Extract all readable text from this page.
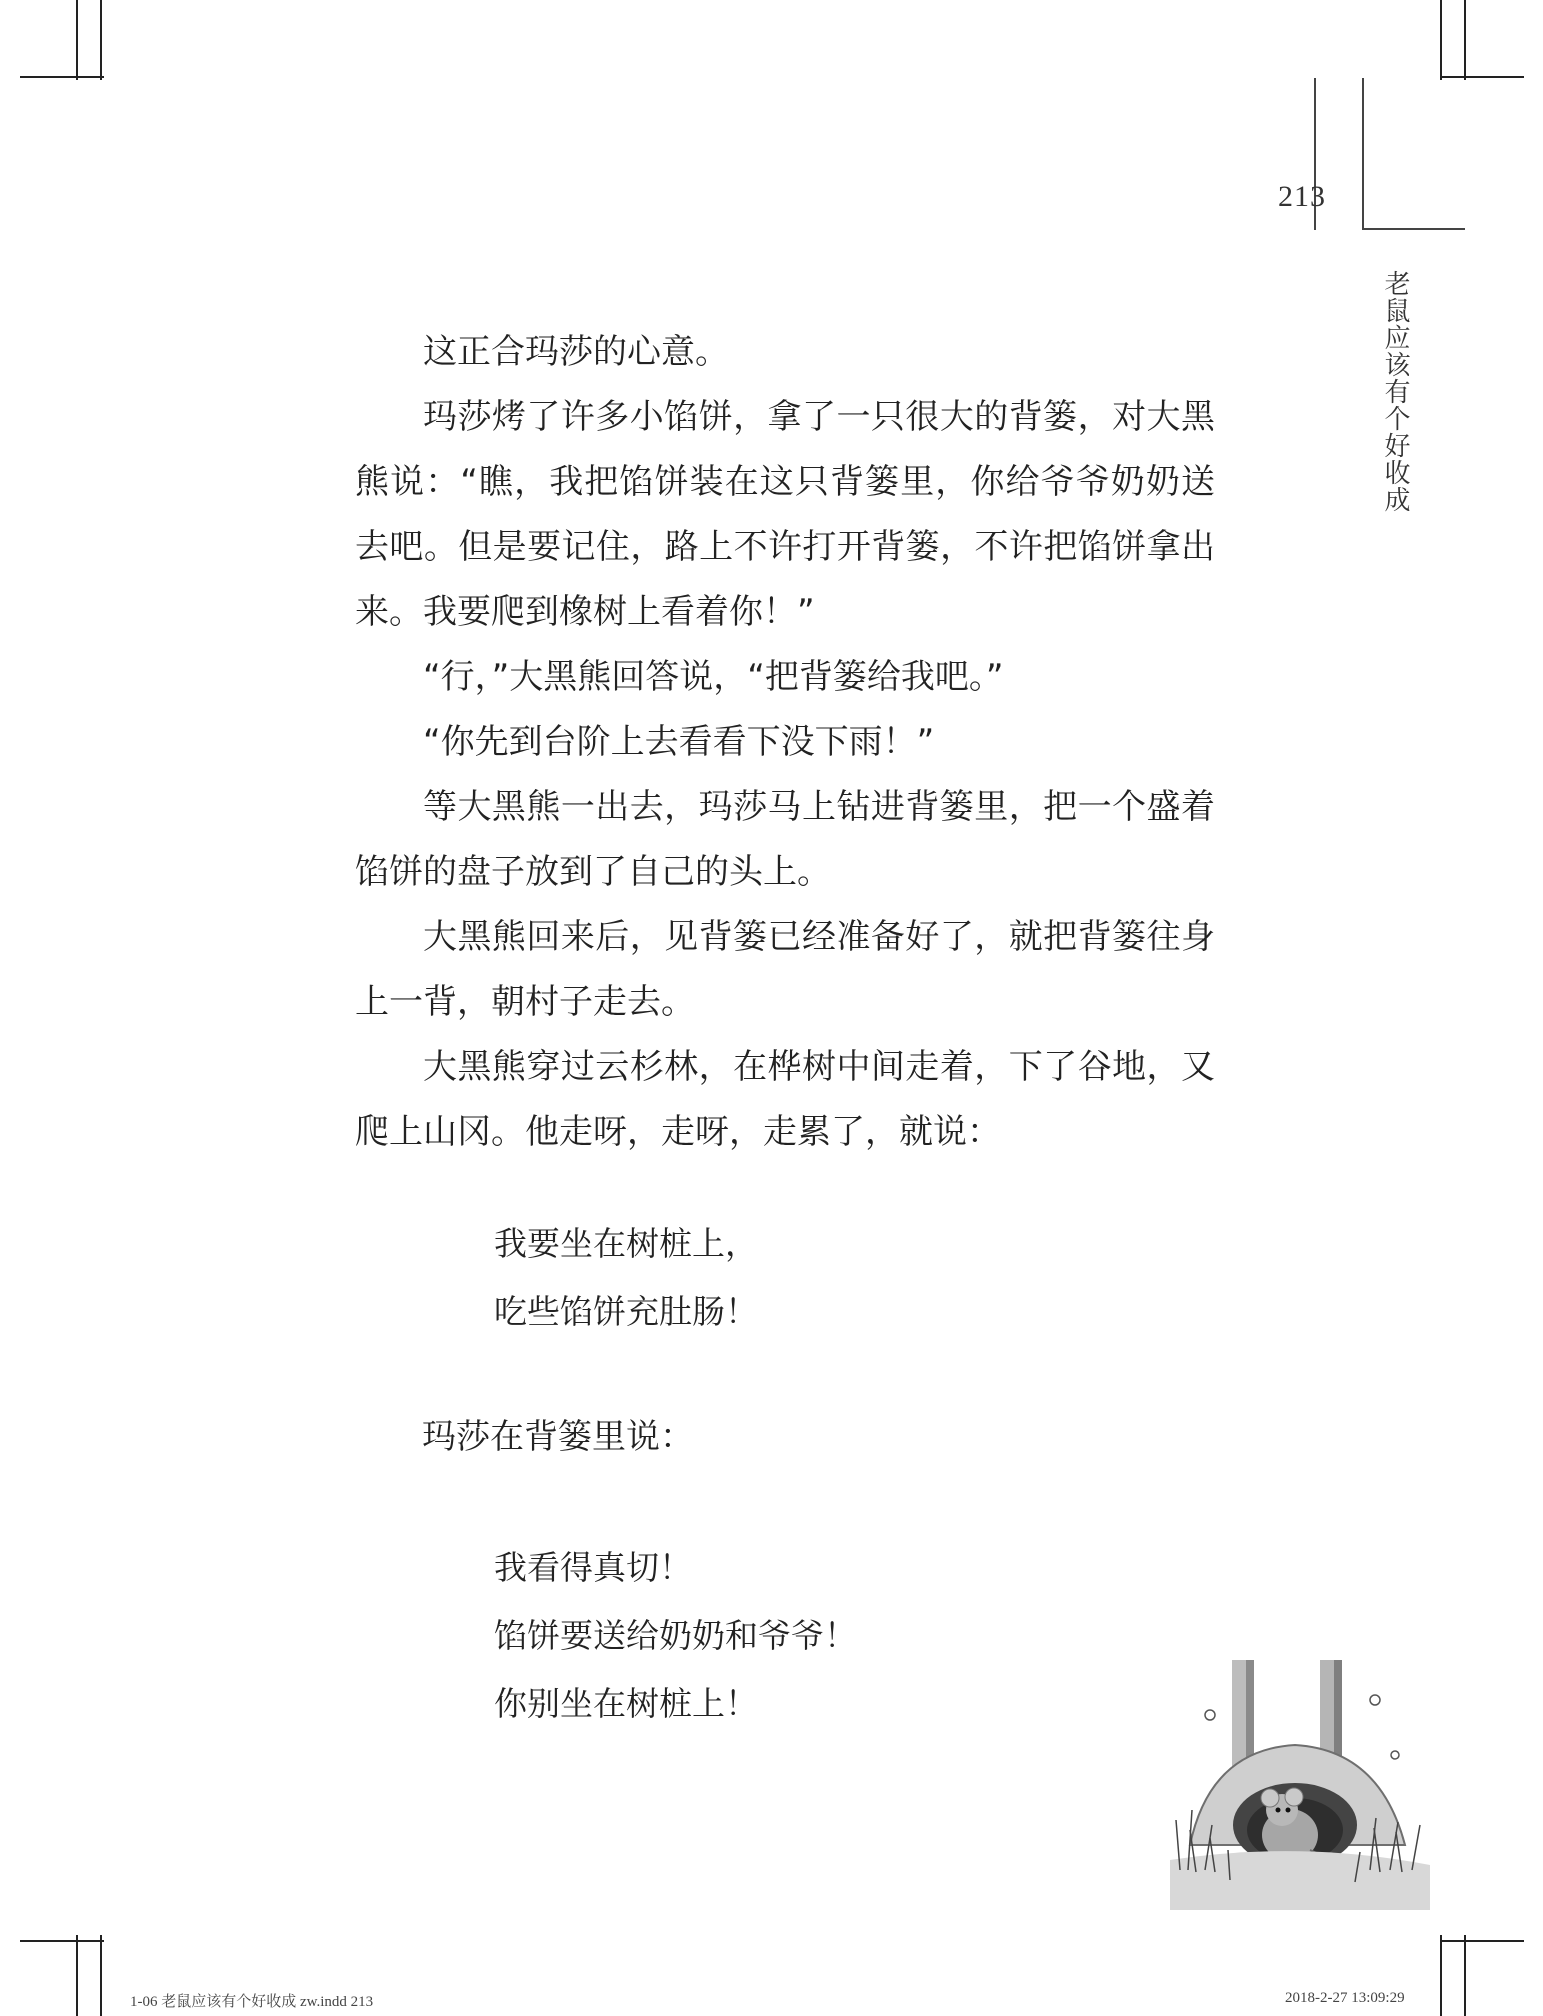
213
老鼠应该有个好收成

这正合玛莎的心意。

玛莎烤了许多小馅饼，拿了一只很大的背篓，对大黑熊说：“瞧，我把馅饼装在这只背篓里，你给爷爷奶奶送去吧。但是要记住，路上不许打开背篓，不许把馅饼拿出来。我要爬到橡树上看着你！”

“行，”大黑熊回答说，“把背篓给我吧。”

“你先到台阶上去看看下没下雨！”

等大黑熊一出去，玛莎马上钻进背篓里，把一个盛着馅饼的盘子放到了自己的头上。

大黑熊回来后，见背篓已经准备好了，就把背篓往身上一背，朝村子走去。

大黑熊穿过云杉林，在桦树中间走着，下了谷地，又爬上山冈。他走呀，走呀，走累了，就说：

我要坐在树桩上，
吃些馅饼充肚肠！
玛莎在背篓里说：
我看得真切！
馅饼要送给奶奶和爷爷！
你别坐在树桩上！
1-06 老鼠应该有个好收成 zw.indd 213	2018-2-27 13:09:29
